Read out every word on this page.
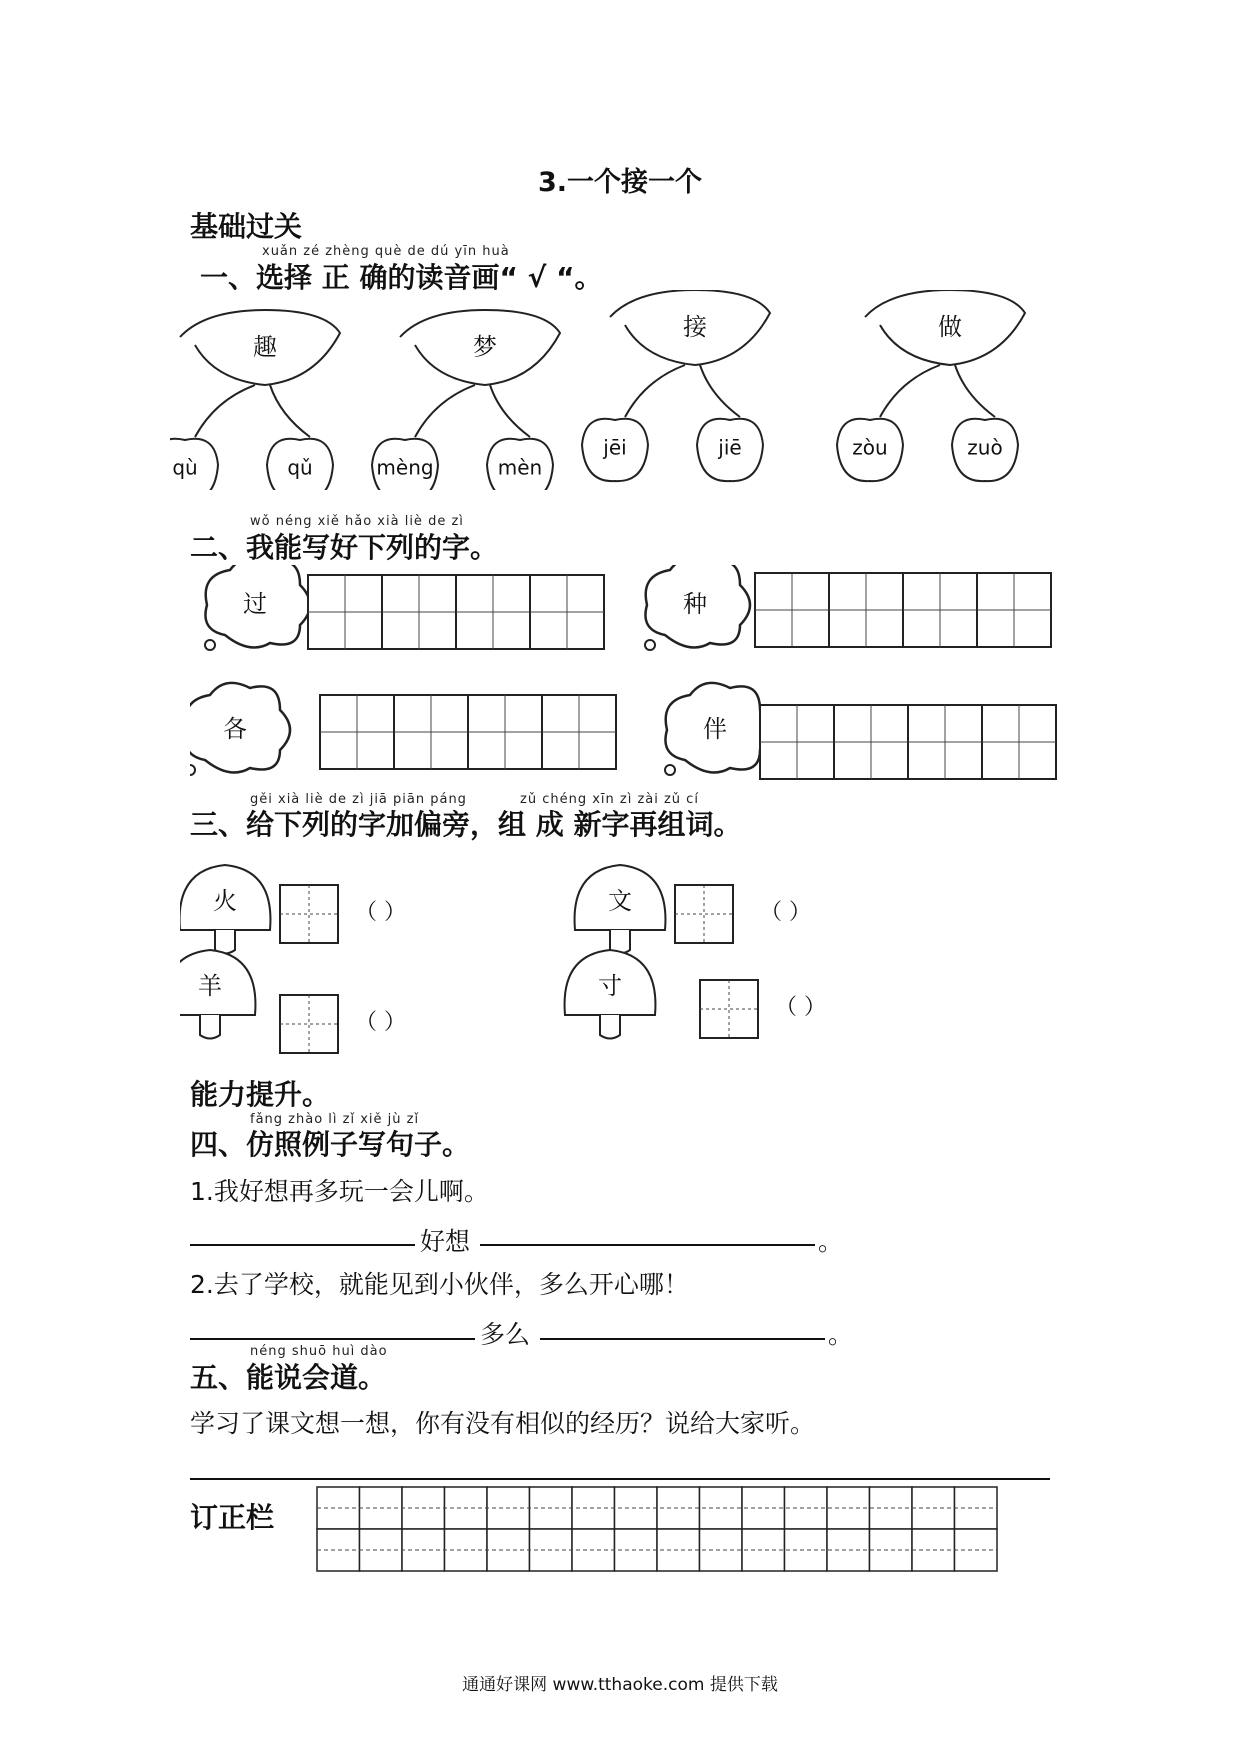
3.一个接一个
基础过关
xuǎn zé zhèng què de dú yīn huà
一、选择 正 确的读音画“ √ “。
趣
qù	qǔ
梦
mèng	mèn
接
jēi	jiē
做
zòu	zuò
wǒ néng xiě hǎo xià liè de zì
二、我能写好下列的字。
过	种
各	伴
gěi xià liè de zì jiā piān páng	zǔ chéng xīn zì zài zǔ cí
三、给下列的字加偏旁，组 成 新字再组词。
火	（ ）	文	（ ）
羊
（ ）
寸
（ ）
能力提升。
fǎng zhào lì zǐ xiě jù zǐ
四、仿照例子写句子。
1.我好想再多玩一会儿啊。
好想	。
2.去了学校，就能见到小伙伴，多么开心哪！
多么	。
néng shuō huì dào
五、能说会道。
学习了课文想一想，你有没有相似的经历？说给大家听。
订正栏
通通好课网 www.tthaoke.com 提供下载
